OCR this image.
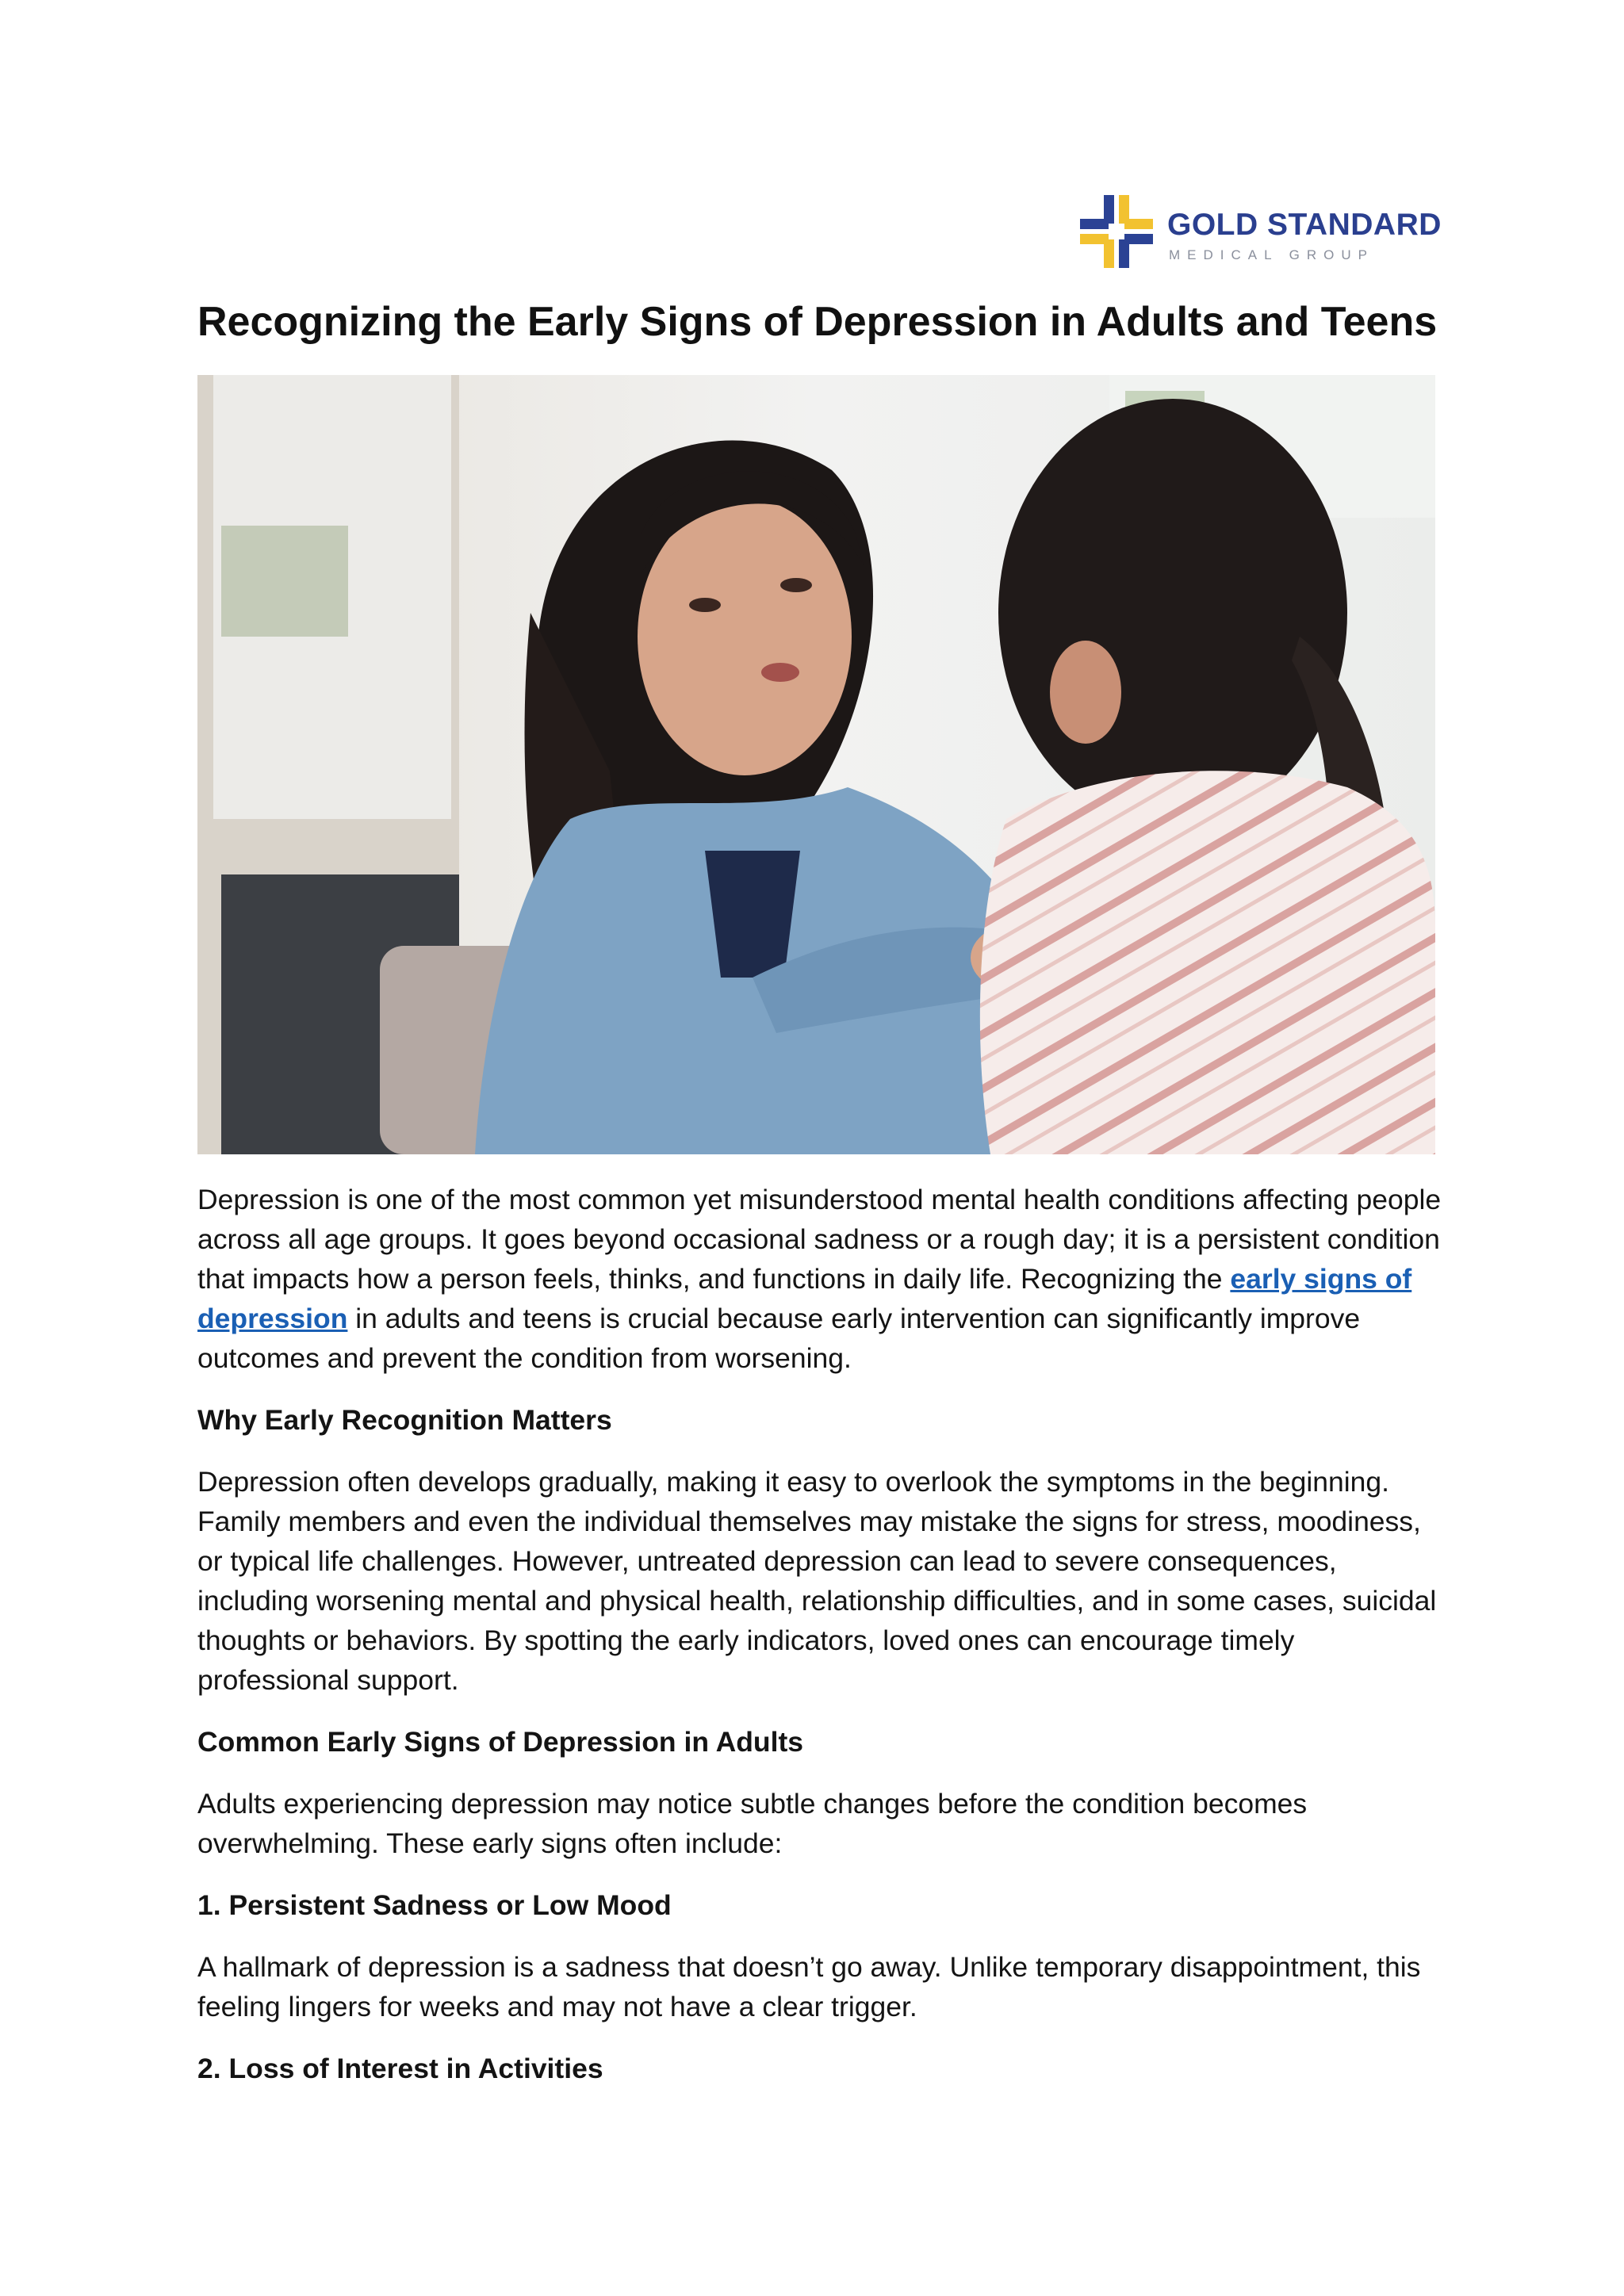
GOLD STANDARD
MEDICAL GROUP
Recognizing the Early Signs of Depression in Adults and Teens

Depression is one of the most common yet misunderstood mental health conditions affecting people across all age groups. It goes beyond occasional sadness or a rough day; it is a persistent condition that impacts how a person feels, thinks, and functions in daily life. Recognizing the early signs of depression in adults and teens is crucial because early intervention can significantly improve outcomes and prevent the condition from worsening.

Why Early Recognition Matters

Depression often develops gradually, making it easy to overlook the symptoms in the beginning. Family members and even the individual themselves may mistake the signs for stress, moodiness, or typical life challenges. However, untreated depression can lead to severe consequences, including worsening mental and physical health, relationship difficulties, and in some cases, suicidal thoughts or behaviors. By spotting the early indicators, loved ones can encourage timely professional support.

Common Early Signs of Depression in Adults

Adults experiencing depression may notice subtle changes before the condition becomes overwhelming. These early signs often include:

1. Persistent Sadness or Low Mood

A hallmark of depression is a sadness that doesn’t go away. Unlike temporary disappointment, this feeling lingers for weeks and may not have a clear trigger.

2. Loss of Interest in Activities
